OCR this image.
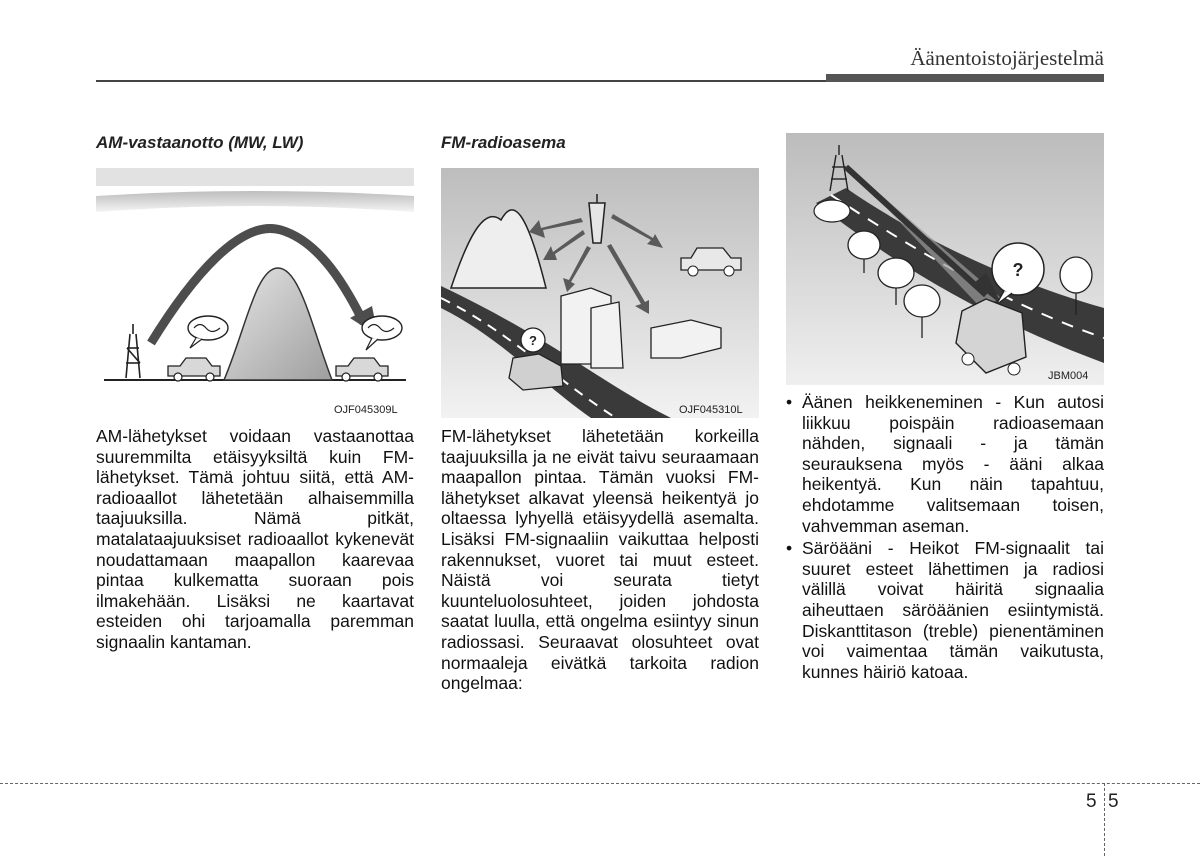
Äänentoistojärjestelmä
AM-vastaanotto (MW, LW)
OJF045309L
AM-lähetykset voidaan vastaanottaa suuremmilta etäisyyksiltä kuin FM-lähetykset. Tämä johtuu siitä, että AM-radioaallot lähetetään alhaisemmilla taajuuksilla. Nämä pitkät, matalataajuuksiset radioaallot kykenevät noudattamaan maapallon kaarevaa pintaa kulkematta suoraan pois ilmakehään. Lisäksi ne kaartavat esteiden ohi tarjoamalla paremman signaalin kantaman.
FM-radioasema
?
OJF045310L
FM-lähetykset lähetetään korkeilla taajuuksilla ja ne eivät taivu seuraamaan maapallon pintaa. Tämän vuoksi FM-lähetykset alkavat yleensä heikentyä jo oltaessa lyhyellä etäisyydellä asemalta. Lisäksi FM-signaaliin vaikuttaa helposti rakennukset, vuoret tai muut esteet. Näistä voi seurata tietyt kuunteluolosuhteet, joiden johdosta saatat luulla, että ongelma esiintyy sinun radiossasi. Seuraavat olosuhteet ovat normaaleja eivätkä tarkoita radion ongelmaa:
?
JBM004
• Äänen heikkeneminen - Kun autosi liikkuu poispäin radioasemaan nähden, signaali - ja tämän seurauksena myös - ääni alkaa heikentyä. Kun näin tapahtuu, ehdotamme valitsemaan toisen, vahvemman aseman.
• Säröääni - Heikot FM-signaalit tai suuret esteet lähettimen ja radiosi välillä voivat häiritä signaalia aiheuttaen säröäänien esiintymistä. Diskanttitason (treble) pienentäminen voi vaimentaa tämän vaikutusta, kunnes häiriö katoaa.
5 5
